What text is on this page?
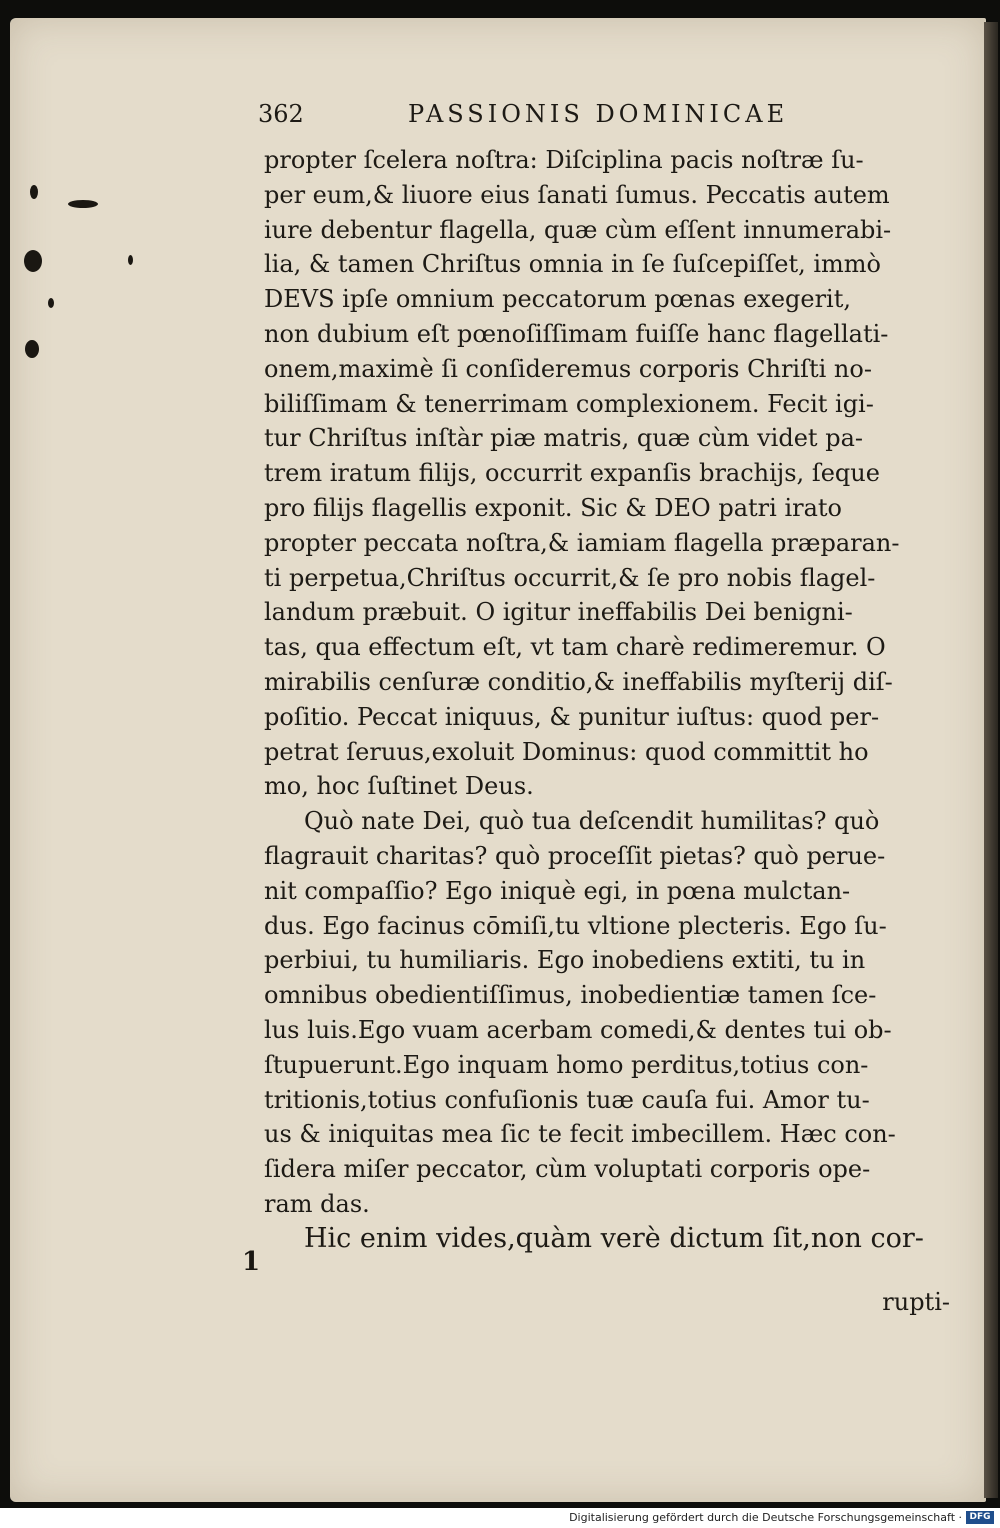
362	PASSIONIS DOMINICAE
propter ſcelera noſtra: Diſciplina pacis noſtræ ſu-
per eum,& liuore eius ſanati ſumus. Peccatis autem
iure debentur flagella, quæ cùm eſſent innumerabi-
lia, & tamen Chriſtus omnia in ſe ſuſcepiſſet, immò
DEVS ipſe omnium peccatorum pœnas exegerit,
non dubium eſt pœnoſiſſimam fuiſſe hanc flagellati-
onem,maximè ſi conſideremus corporis Chriſti no-
biliſſimam & tenerrimam complexionem. Fecit igi-
tur Chriſtus inſtàr piæ matris, quæ cùm videt pa-
trem iratum filijs, occurrit expanſis brachijs, ſeque
pro filijs flagellis exponit. Sic & DEO patri irato
propter peccata noſtra,& iamiam flagella præparan-
ti perpetua,Chriſtus occurrit,& ſe pro nobis flagel-
landum præbuit. O igitur ineffabilis Dei benigni-
tas, qua effectum eſt, vt tam charè redimeremur. O
mirabilis cenſuræ conditio,& ineffabilis myſterij diſ-
poſitio. Peccat iniquus, & punitur iuſtus: quod per-
petrat ſeruus,exoluit Dominus: quod committit ho
mo, hoc ſuſtinet Deus.
Quò nate Dei, quò tua deſcendit humilitas? quò
flagrauit charitas? quò proceſſit pietas? quò perue-
nit compaſſio? Ego iniquè egi, in pœna mulctan-
dus. Ego facinus cōmiſi,tu vltione plecteris. Ego ſu-
perbiui, tu humiliaris. Ego inobediens extiti, tu in
omnibus obedientiſſimus, inobedientiæ tamen ſce-
lus luis.Ego vuam acerbam comedi,& dentes tui ob-
ſtupuerunt.Ego inquam homo perditus,totius con-
tritionis,totius confuſionis tuæ cauſa fui. Amor tu-
us & iniquitas mea ſic te fecit imbecillem. Hæc con-
ſidera miſer peccator, cùm voluptati corporis ope-
ram das.
Hic enim vides,quàm verè dictum ſit,non cor-
1
rupti-
Digitalisierung gefördert durch die Deutsche Forschungsgemeinschaft · DFG
